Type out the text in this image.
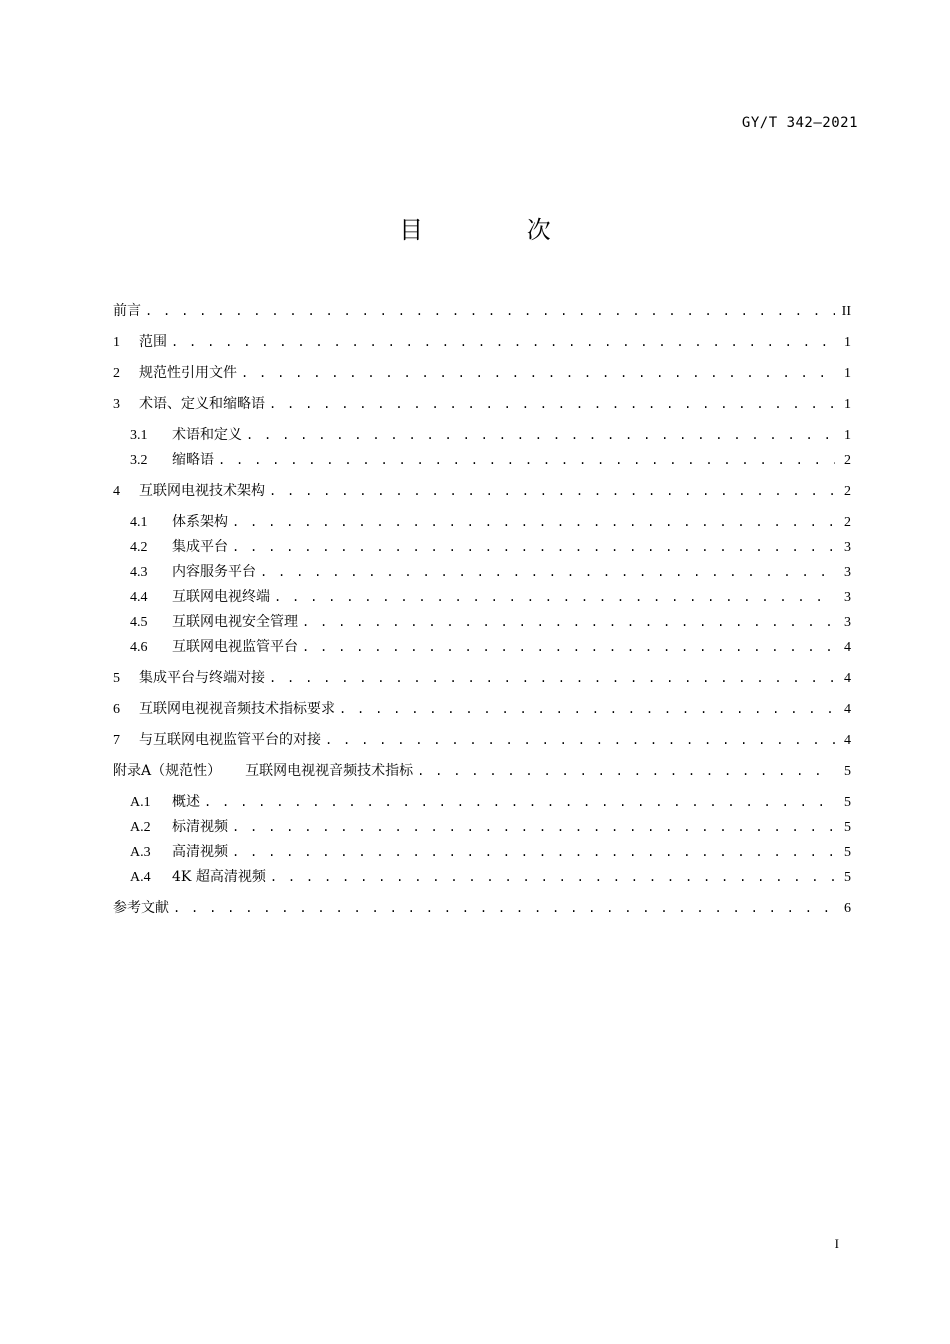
GY/T 342—2021
目 次
前言 . . .	II
1	范围 . . .	1
2	规范性引用文件 . . .	1
3	术语、定义和缩略语 . . .	1
3.1	术语和定义 . . .	1
3.2	缩略语 . . .	2
4	互联网电视技术架构 . . .	2
4.1	体系架构 . . .	2
4.2	集成平台 . . .	3
4.3	内容服务平台 . . .	3
4.4	互联网电视终端 . . .	3
4.5	互联网电视安全管理 . . .	3
4.6	互联网电视监管平台 . . .	4
5	集成平台与终端对接 . . .	4
6	互联网电视视音频技术指标要求 . . .	4
7	与互联网电视监管平台的对接 . . .	4
附录A（规范性） 互联网电视视音频技术指标 . . .	5
A.1	概述 . . .	5
A.2	标清视频 . . .	5
A.3	高清视频 . . .	5
A.4	4K 超高清视频 . . .	5
参考文献 . . .	6
I
